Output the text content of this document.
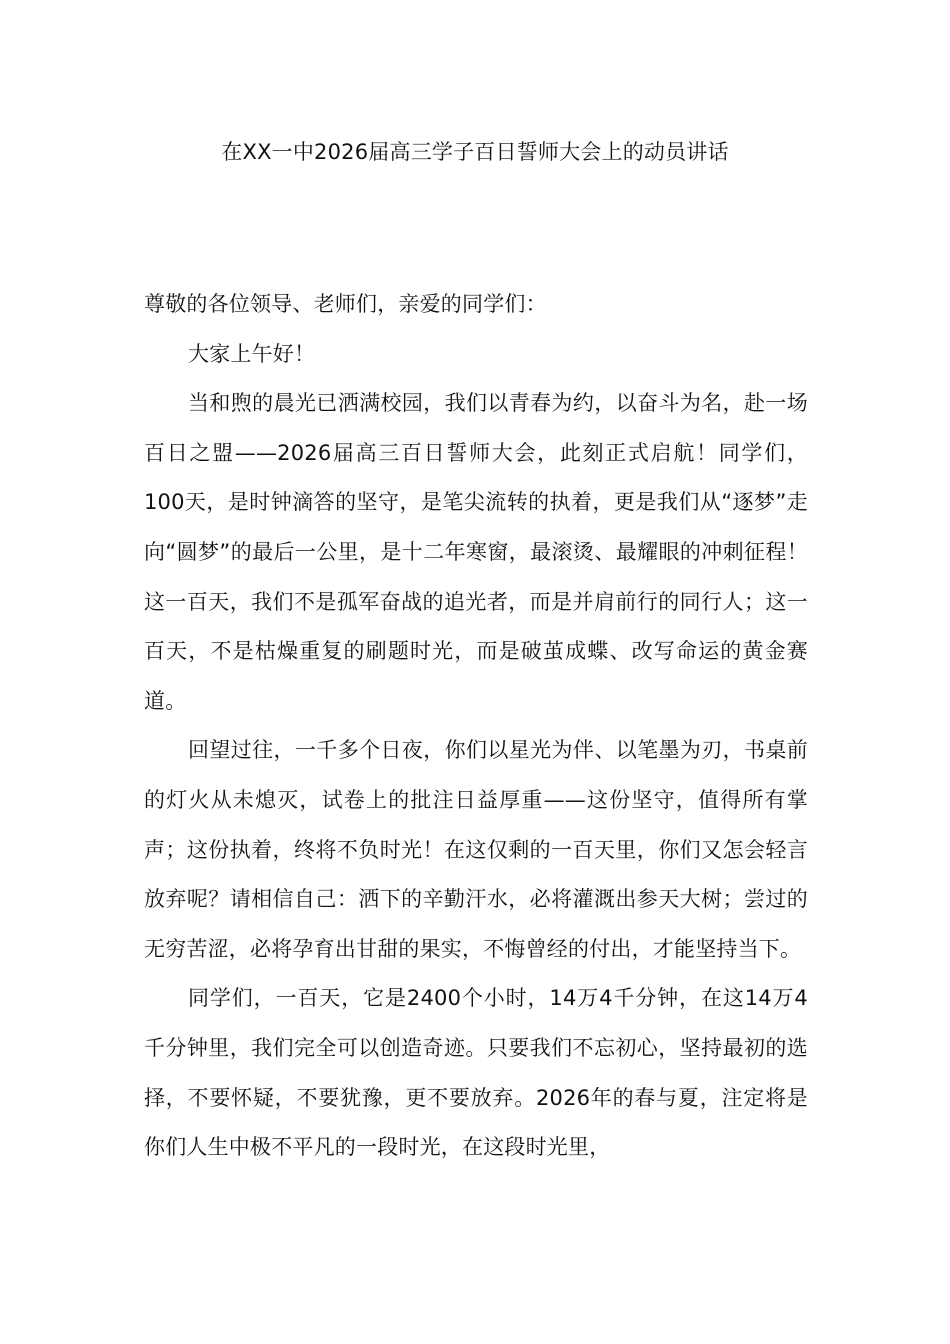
在XX一中2026届高三学子百日誓师大会上的动员讲话

尊敬的各位领导、老师们，亲爱的同学们：

大家上午好！

当和煦的晨光已洒满校园，我们以青春为约，以奋斗为名，赴一场百日之盟——2026届高三百日誓师大会，此刻正式启航！同学们，100天，是时钟滴答的坚守，是笔尖流转的执着，更是我们从“逐梦”走向“圆梦”的最后一公里，是十二年寒窗，最滚烫、最耀眼的冲刺征程！这一百天，我们不是孤军奋战的追光者，而是并肩前行的同行人；这一百天，不是枯燥重复的刷题时光，而是破茧成蝶、改写命运的黄金赛道。

回望过往，一千多个日夜，你们以星光为伴、以笔墨为刃，书桌前的灯火从未熄灭，试卷上的批注日益厚重——这份坚守，值得所有掌声；这份执着，终将不负时光！在这仅剩的一百天里，你们又怎会轻言放弃呢？请相信自己：洒下的辛勤汗水，必将灌溉出参天大树；尝过的无穷苦涩，必将孕育出甘甜的果实，不悔曾经的付出，才能坚持当下。

同学们，一百天，它是2400个小时，14万4千分钟，在这14万4千分钟里，我们完全可以创造奇迹。只要我们不忘初心，坚持最初的选择，不要怀疑，不要犹豫，更不要放弃。2026年的春与夏，注定将是你们人生中极不平凡的一段时光，在这段时光里，
